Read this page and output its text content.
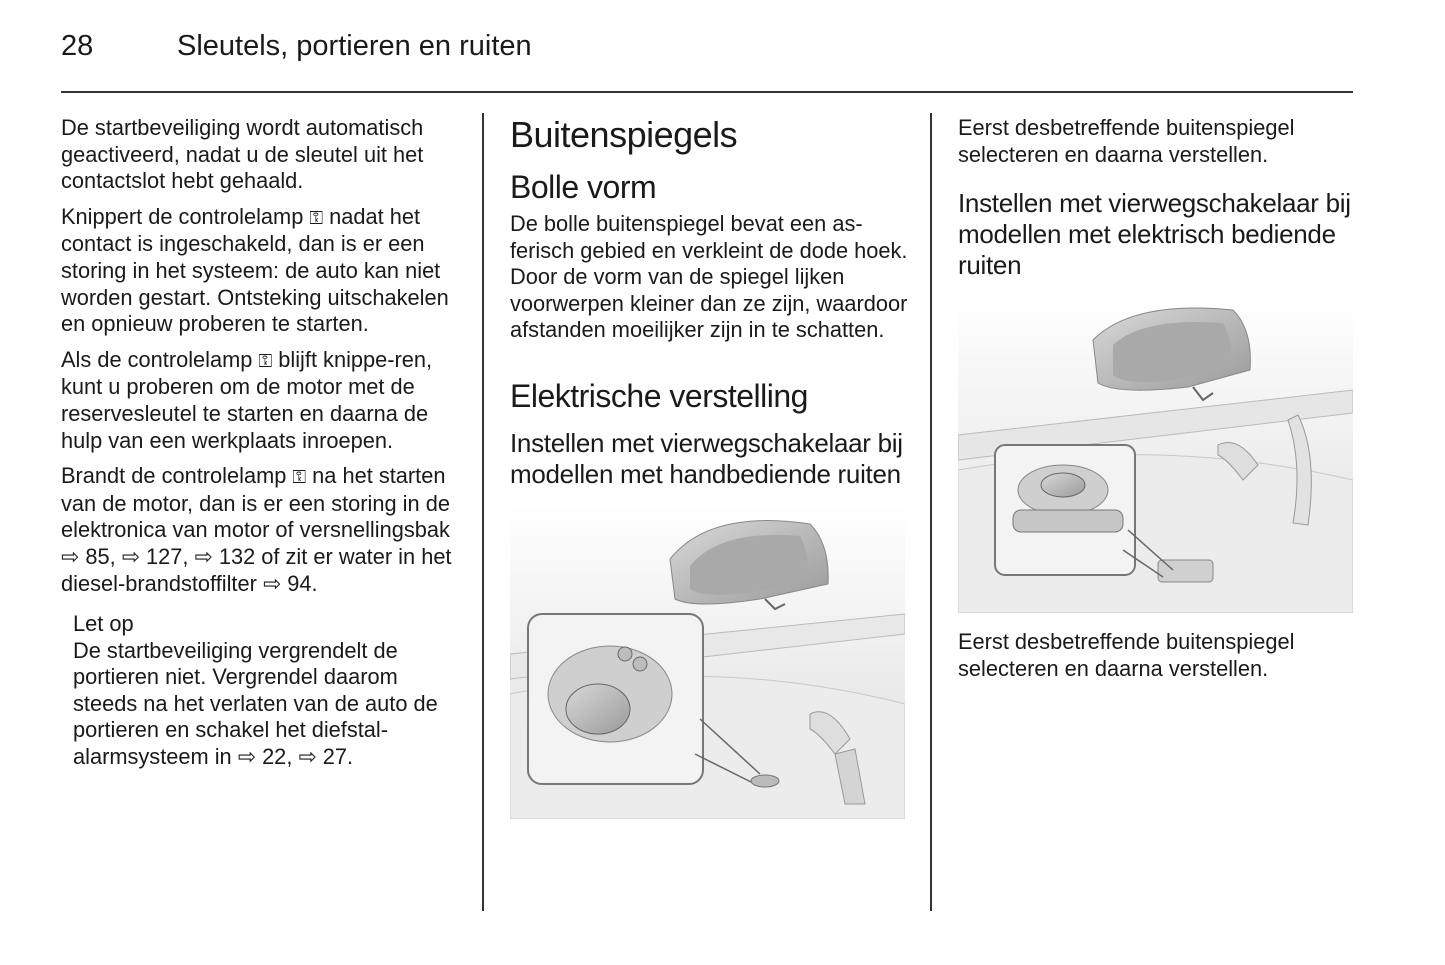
28	Sleutels, portieren en ruiten

De startbeveiliging wordt automatisch geactiveerd, nadat u de sleutel uit het contactslot hebt gehaald.

Knippert de controlelamp ⚿ nadat het contact is ingeschakeld, dan is er een storing in het systeem: de auto kan niet worden gestart. Ontsteking uitschakelen en opnieuw proberen te starten.

Als de controlelamp ⚿ blijft knippe-ren, kunt u proberen om de motor met de reservesleutel te starten en daarna de hulp van een werkplaats inroepen.

Brandt de controlelamp ⚿ na het starten van de motor, dan is er een storing in de elektronica van motor of versnellingsbak ⇨ 85, ⇨ 127, ⇨ 132 of zit er water in het diesel-brandstoffilter ⇨ 94.

Let op
De startbeveiliging vergrendelt de portieren niet. Vergrendel daarom steeds na het verlaten van de auto de portieren en schakel het diefstal-alarmsysteem in ⇨ 22, ⇨ 27.
Buitenspiegels
Bolle vorm

De bolle buitenspiegel bevat een as-ferisch gebied en verkleint de dode hoek. Door de vorm van de spiegel lijken voorwerpen kleiner dan ze zijn, waardoor afstanden moeilijker zijn in te schatten.

Elektrische verstelling
Instellen met vierwegschakelaar bij modellen met handbediende ruiten

Eerst desbetreffende buitenspiegel selecteren en daarna verstellen.

Instellen met vierwegschakelaar bij modellen met elektrisch bediende ruiten

Eerst desbetreffende buitenspiegel selecteren en daarna verstellen.
